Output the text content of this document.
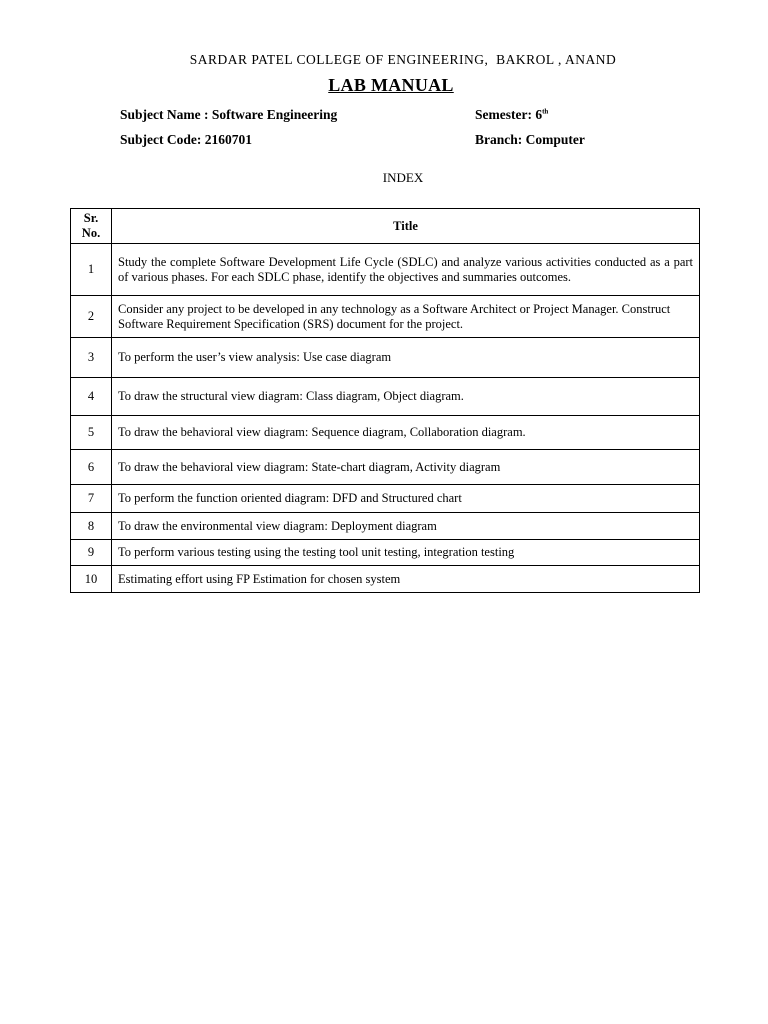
SARDAR PATEL COLLEGE OF ENGINEERING,  BAKROL , ANAND
LAB MANUAL
Subject Name : Software Engineering	Semester: 6th
Subject Code: 2160701	Branch: Computer
INDEX
Sr. No.	Title
1	Study the complete Software Development Life Cycle (SDLC) and analyze various activities conducted as a part of various phases. For each SDLC phase, identify the objectives and summaries outcomes.
2	Consider any project to be developed in any technology as a Software Architect or Project Manager. Construct Software Requirement Specification (SRS) document for the project.
3	To perform the user’s view analysis: Use case diagram
4	To draw the structural view diagram: Class diagram, Object diagram.
5	To draw the behavioral view diagram: Sequence diagram, Collaboration diagram.
6	To draw the behavioral view diagram: State-chart diagram, Activity diagram
7	To perform the function oriented diagram: DFD and Structured chart
8	To draw the environmental view diagram: Deployment diagram
9	To perform various testing using the testing tool unit testing, integration testing
10	Estimating effort using FP Estimation for chosen system
